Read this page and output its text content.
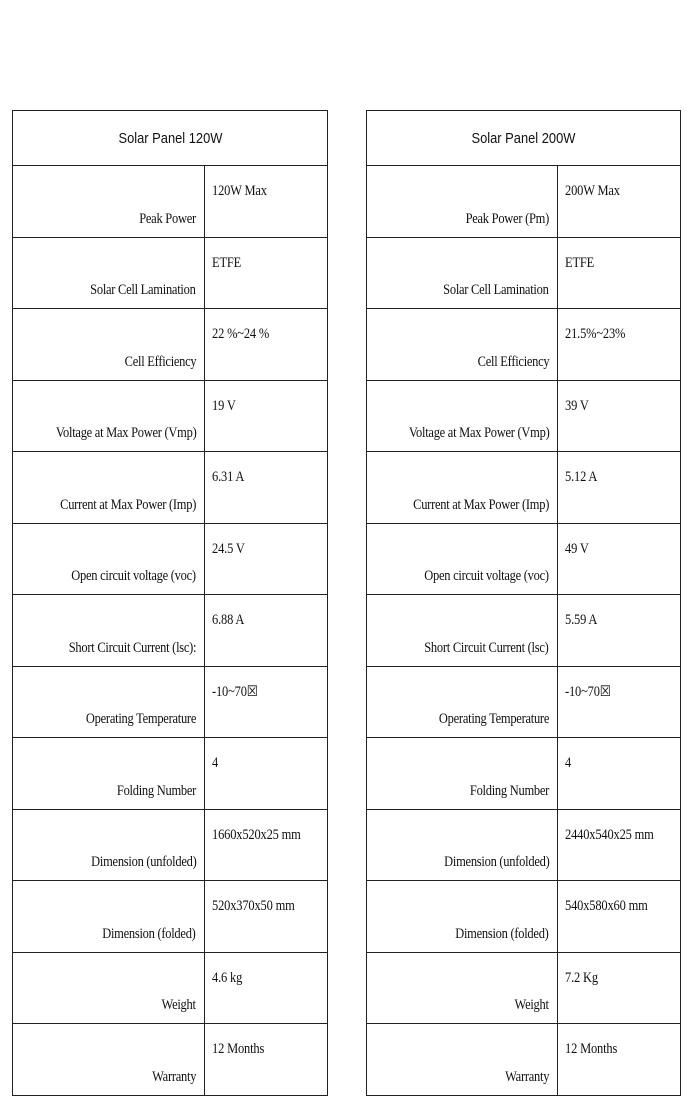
Solar Panel 120W	
Peak Power	120W Max
Solar Cell Lamination	ETFE
Cell Efficiency	22 %~24 %
Voltage at Max Power (Vmp)	19 V
Current at Max Power (Imp)	6.31 A
Open circuit voltage (voc)	24.5 V
Short Circuit Current (lsc):	6.88 A
Operating Temperature	-10~70☒
Folding Number	4
Dimension (unfolded)	1660x520x25 mm
Dimension (folded)	520x370x50 mm
Weight	4.6 kg
Warranty	12 Months
Solar Panel 200W	
Peak Power (Pm)	200W Max
Solar Cell Lamination	ETFE
Cell Efficiency	21.5%~23%
Voltage at Max Power (Vmp)	39 V
Current at Max Power (Imp)	5.12 A
Open circuit voltage (voc)	49 V
Short Circuit Current (lsc)	5.59 A
Operating Temperature	-10~70☒
Folding Number	4
Dimension (unfolded)	2440x540x25 mm
Dimension (folded)	540x580x60 mm
Weight	7.2 Kg
Warranty	12 Months
